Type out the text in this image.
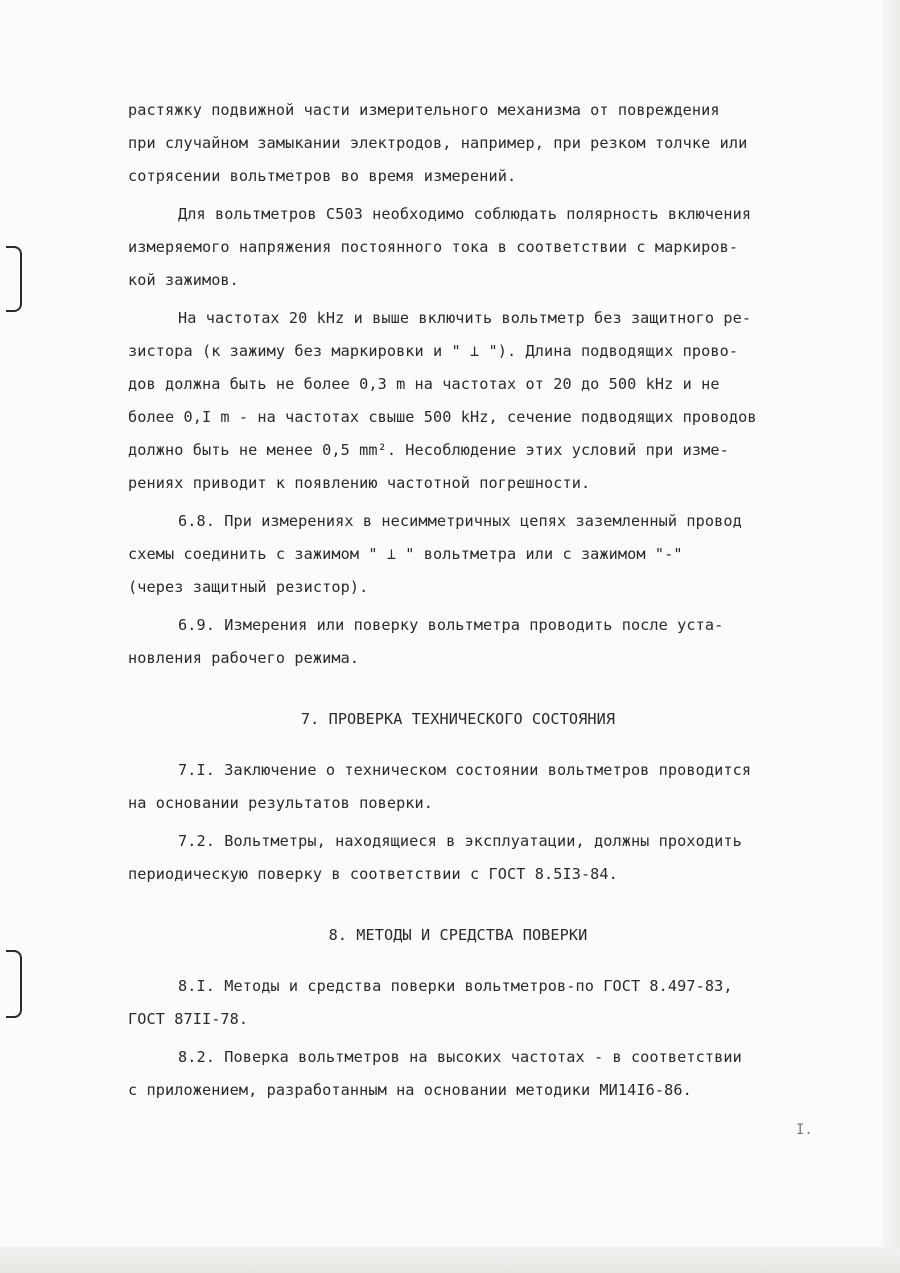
растяжку подвижной части измерительного механизма от повреждения
при случайном замыкании электродов, например, при резком толчке или
сотрясении вольтметров во время измерений.
Для вольтметров С503 необходимо соблюдать полярность включения
измеряемого напряжения постоянного тока в соответствии с маркиров-
кой зажимов.
На частотах 20 kHz и выше включить вольтметр без защитного ре-
зистора (к зажиму без маркировки и " ⊥ "). Длина подводящих прово-
дов должна быть не более 0,3 m на частотах от 20 до 500 kHz и не
более 0,I m - на частотах свыше 500 kHz, сечение подводящих проводов
должно быть не менее 0,5 mm². Несоблюдение этих условий при изме-
рениях приводит к появлению частотной погрешности.
6.8. При измерениях в несимметричных цепях заземленный провод
схемы соединить с зажимом " ⊥ " вольтметра или с зажимом "-"
(через защитный резистор).
6.9. Измерения или поверку вольтметра проводить после уста-
новления рабочего режима.
7. ПРОВЕРКА ТЕХНИЧЕСКОГО СОСТОЯНИЯ
7.I. Заключение о техническом состоянии вольтметров проводится
на основании результатов поверки.
7.2. Вольтметры, находящиеся в эксплуатации, должны проходить
периодическую поверку в соответствии с ГОСТ 8.5I3-84.
8. МЕТОДЫ И СРЕДСТВА ПОВЕРКИ
8.I. Методы и средства поверки вольтметров-по ГОСТ 8.497-83,
ГОСТ 87II-78.
8.2. Поверка вольтметров на высоких частотах - в соответствии
с приложением, разработанным на основании методики МИ14I6-86.
I.
